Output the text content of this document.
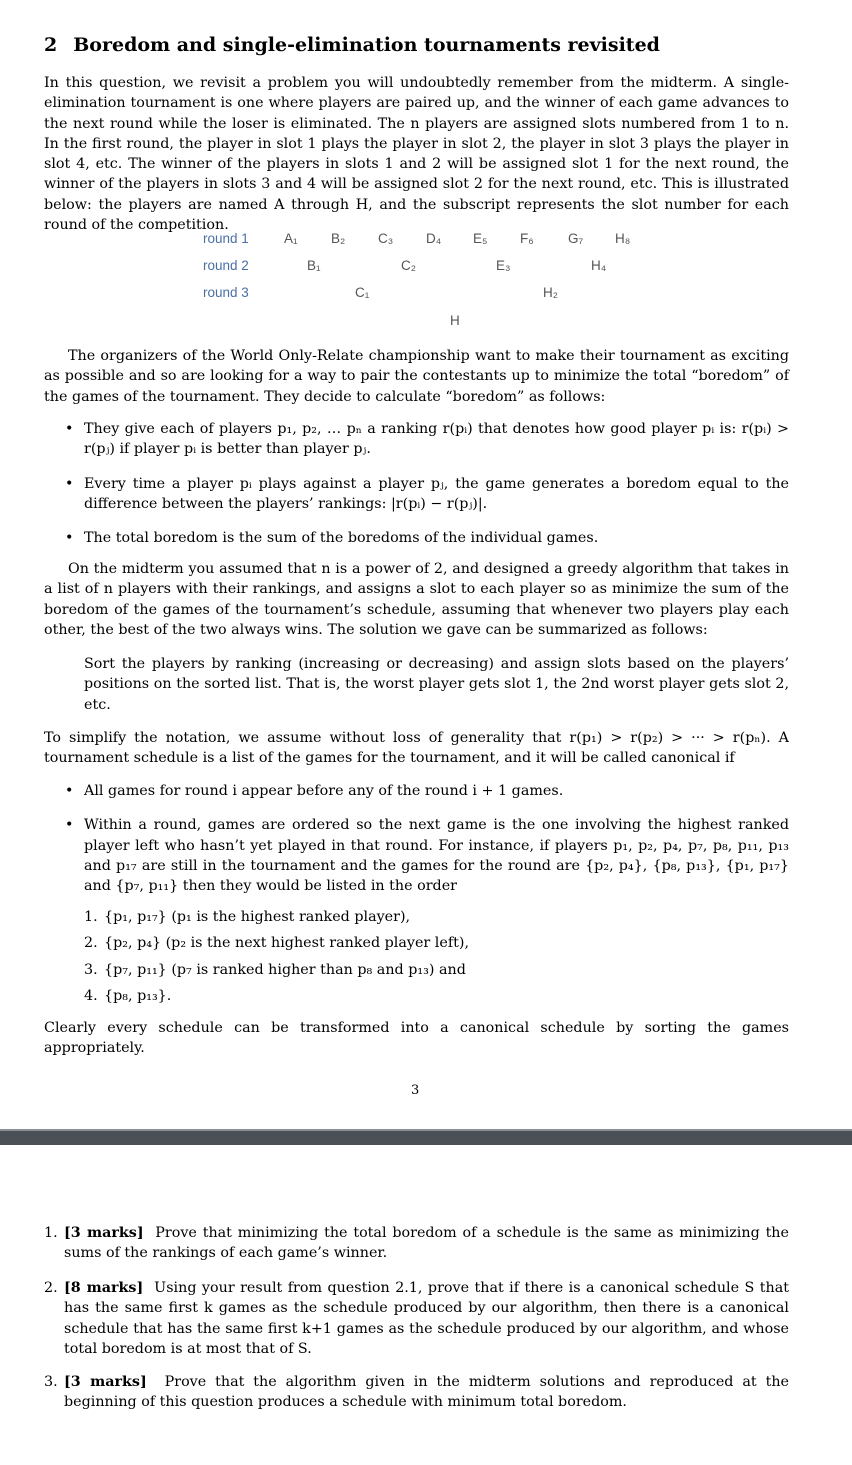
2 Boredom and single-elimination tournaments revisited

In this question, we revisit a problem you will undoubtedly remember from the midterm. A single-elimination tournament is one where players are paired up, and the winner of each game advances to the next round while the loser is eliminated. The n players are assigned slots numbered from 1 to n. In the first round, the player in slot 1 plays the player in slot 2, the player in slot 3 plays the player in slot 4, etc. The winner of the players in slots 1 and 2 will be assigned slot 1 for the next round, the winner of the players in slots 3 and 4 will be assigned slot 2 for the next round, etc. This is illustrated below: the players are named A through H, and the subscript represents the slot number for each round of the competition.

round 1	A₁ B₂ C₃ D₄ E₅ F₆	G₇ H₈
round 2	B₁	C₂	E₃	H₄
round 3	C₁	H₂
H

The organizers of the World Only-Relate championship want to make their tournament as exciting as possible and so are looking for a way to pair the contestants up to minimize the total “boredom” of the games of the tournament. They decide to calculate “boredom” as follows:

• They give each of players p₁, p₂, … pₙ a ranking r(pᵢ) that denotes how good player pᵢ is: r(pᵢ) > r(pⱼ) if player pᵢ is better than player pⱼ.
• Every time a player pᵢ plays against a player pⱼ, the game generates a boredom equal to the difference between the players’ rankings: |r(pᵢ) − r(pⱼ)|.
• The total boredom is the sum of the boredoms of the individual games.

On the midterm you assumed that n is a power of 2, and designed a greedy algorithm that takes in a list of n players with their rankings, and assigns a slot to each player so as minimize the sum of the boredom of the games of the tournament’s schedule, assuming that whenever two players play each other, the best of the two always wins. The solution we gave can be summarized as follows:

Sort the players by ranking (increasing or decreasing) and assign slots based on the players’ positions on the sorted list. That is, the worst player gets slot 1, the 2nd worst player gets slot 2, etc.

To simplify the notation, we assume without loss of generality that r(p₁) > r(p₂) > ··· > r(pₙ). A tournament schedule is a list of the games for the tournament, and it will be called canonical if

• All games for round i appear before any of the round i + 1 games.
• Within a round, games are ordered so the next game is the one involving the highest ranked player left who hasn’t yet played in that round. For instance, if players p₁, p₂, p₄, p₇, p₈, p₁₁, p₁₃ and p₁₇ are still in the tournament and the games for the round are {p₂, p₄}, {p₈, p₁₃}, {p₁, p₁₇} and {p₇, p₁₁} then they would be listed in the order
1. {p₁, p₁₇} (p₁ is the highest ranked player),
2. {p₂, p₄} (p₂ is the next highest ranked player left),
3. {p₇, p₁₁} (p₇ is ranked higher than p₈ and p₁₃) and
4. {p₈, p₁₃}.

Clearly every schedule can be transformed into a canonical schedule by sorting the games appropriately.

3

1. [3 marks] Prove that minimizing the total boredom of a schedule is the same as minimizing the sums of the rankings of each game’s winner.

2. [8 marks] Using your result from question 2.1, prove that if there is a canonical schedule S that has the same first k games as the schedule produced by our algorithm, then there is a canonical schedule that has the same first k+1 games as the schedule produced by our algorithm, and whose total boredom is at most that of S.

3. [3 marks] Prove that the algorithm given in the midterm solutions and reproduced at the beginning of this question produces a schedule with minimum total boredom.
